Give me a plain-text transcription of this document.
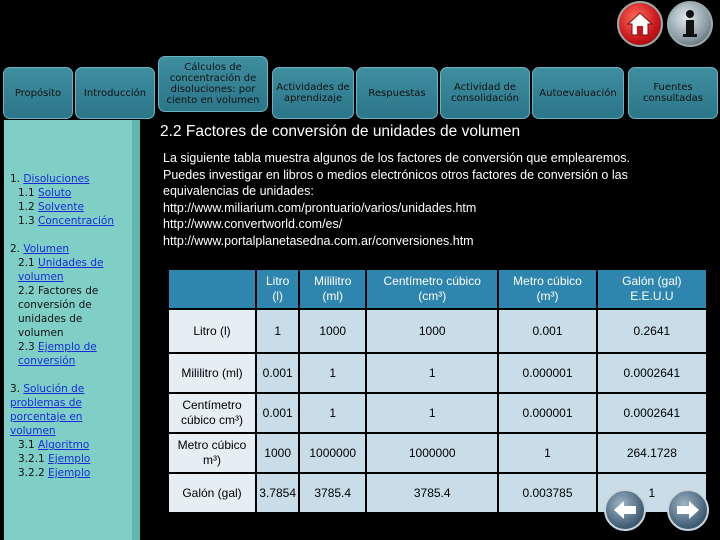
Propósito Introducción
Cálculos de concentración de disoluciones: por ciento en volumen
Actividades de aprendizaje	Respuestas	Actividad de consolidación	Autoevaluación	Fuentes consultadas
1. Disoluciones
1.1 Soluto
1.2 Solvente
1.3 Concentración
2. Volumen
2.1 Unidades de volumen
2.2 Factores de conversión de unidades de volumen
2.3 Ejemplo de conversión
3. Solución de problemas de porcentaje en volumen
3.1 Algoritmo
3.2.1 Ejemplo
3.2.2 Ejemplo
2.2 Factores de conversión de unidades de volumen
La siguiente tabla muestra algunos de los factores de conversión que emplearemos.
Puedes investigar en libros o medios electrónicos otros factores de conversión o las
equivalencias de unidades:
http://www.miliarium.com/prontuario/varios/unidades.htm
http://www.convertworld.com/es/
http://www.portalplanetasedna.com.ar/conversiones.htm
	Litro (l)	Mililitro (ml)	Centímetro cúbico (cm³)	Metro cúbico (m³)	Galón (gal) E.E.U.U
Litro (l)	1	1000	1000	0.001	0.2641
Mililitro (ml)	0.001	1	1	0.000001	0.0002641
Centímetro cúbico cm³)	0.001	1	1	0.000001	0.0002641
Metro cúbico m³)	1000	1000000	1000000	1	264.1728
Galón (gal)	3.7854	3785.4	3785.4	0.003785	1
